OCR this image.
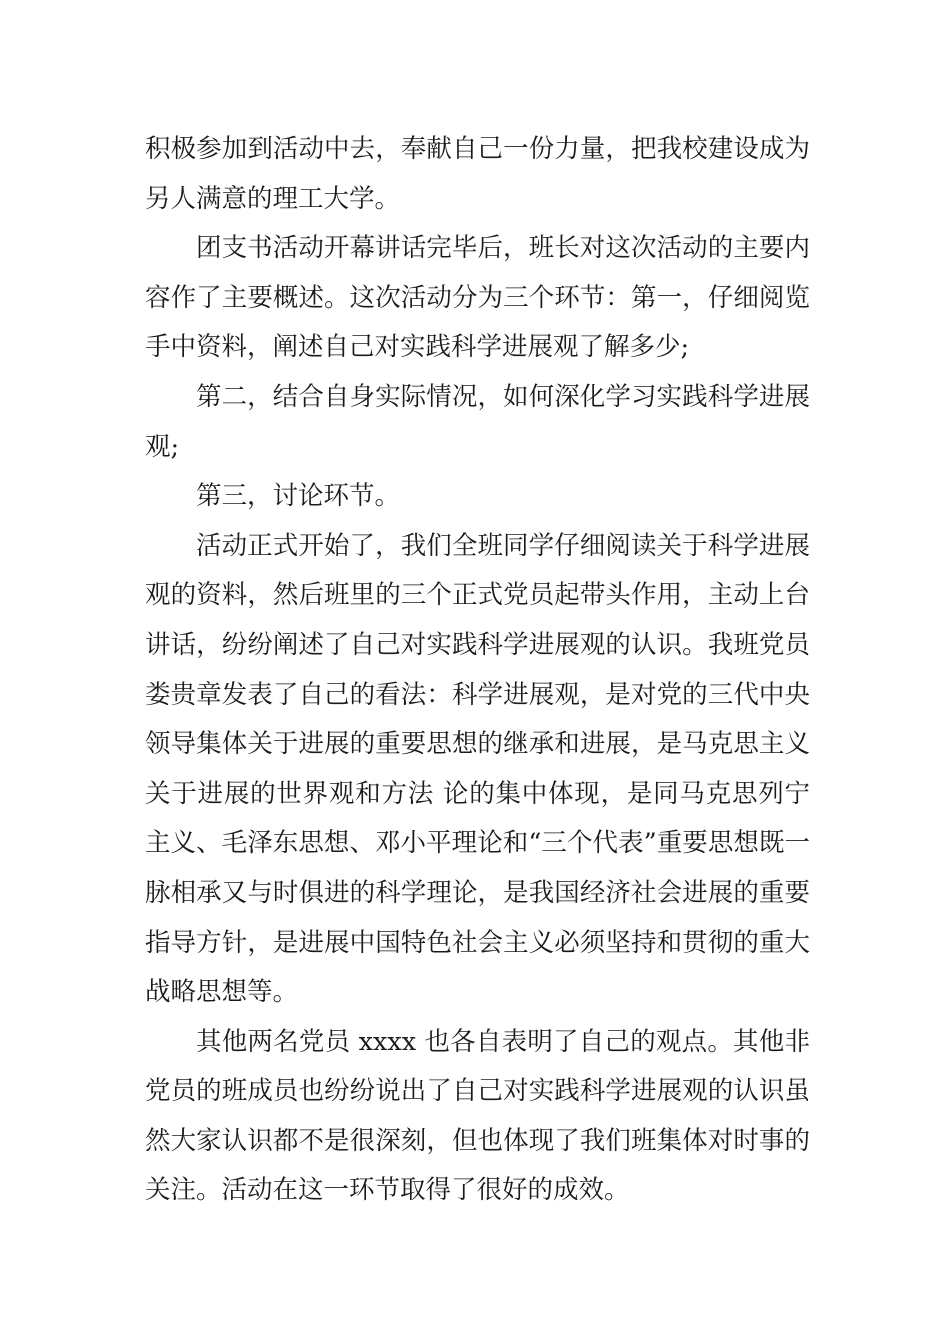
积极参加到活动中去，奉献自己一份力量，把我校建设成为另人满意的理工大学。

团支书活动开幕讲话完毕后，班长对这次活动的主要内容作了主要概述。这次活动分为三个环节：第一，仔细阅览手中资料，阐述自己对实践科学进展观了解多少;

第二，结合自身实际情况，如何深化学习实践科学进展观;

第三，讨论环节。

活动正式开始了，我们全班同学仔细阅读关于科学进展观的资料，然后班里的三个正式党员起带头作用，主动上台讲话，纷纷阐述了自己对实践科学进展观的认识。我班党员娄贵章发表了自己的看法：科学进展观，是对党的三代中央领导集体关于进展的重要思想的继承和进展，是马克思主义关于进展的世界观和方法 论的集中体现，是同马克思列宁主义、毛泽东思想、邓小平理论和“三个代表”重要思想既一脉相承又与时俱进的科学理论，是我国经济社会进展的重要指导方针，是进展中国特色社会主义必须坚持和贯彻的重大战略思想等。

其他两名党员 xxxx 也各自表明了自己的观点。其他非党员的班成员也纷纷说出了自己对实践科学进展观的认识虽然大家认识都不是很深刻，但也体现了我们班集体对时事的关注。活动在这一环节取得了很好的成效。
